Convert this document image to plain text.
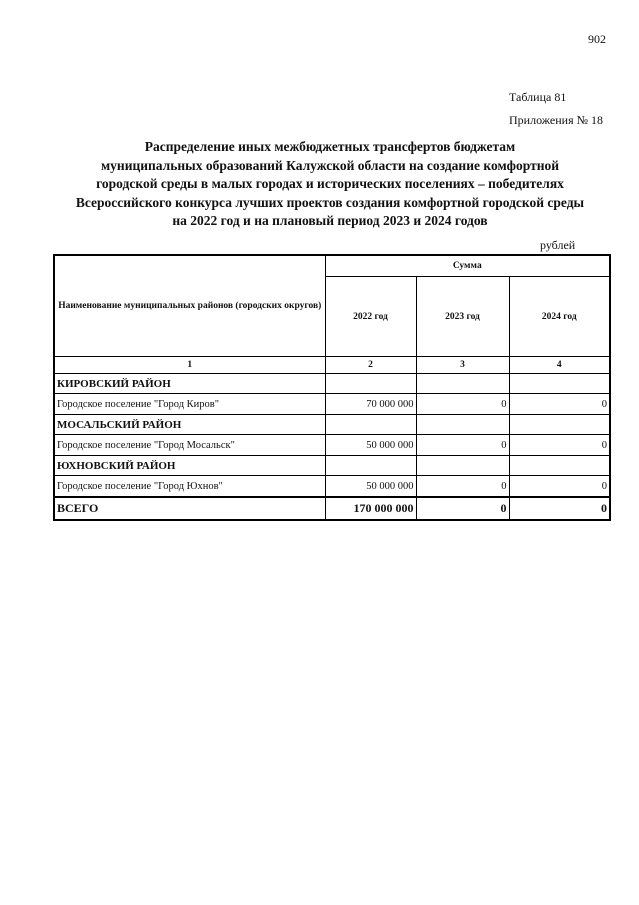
902
Таблица 81
Приложения № 18
Распределение иных межбюджетных трансфертов бюджетам
муниципальных образований Калужской области на создание комфортной
городской среды в малых городах и исторических поселениях – победителях
Всероссийского конкурса лучших проектов создания комфортной городской среды
на 2022 год и на плановый период 2023 и 2024 годов
рублей
Наименование муниципальных районов (городских округов)	Сумма		
	2022 год	2023 год	2024 год
1	2	3	4
КИРОВСКИЙ РАЙОН			
Городское поселение "Город Киров"	70 000 000	0	0
МОСАЛЬСКИЙ РАЙОН			
Городское поселение "Город Мосальск"	50 000 000	0	0
ЮХНОВСКИЙ РАЙОН			
Городское поселение "Город Юхнов"	50 000 000	0	0
ВСЕГО	170 000 000	0	0
